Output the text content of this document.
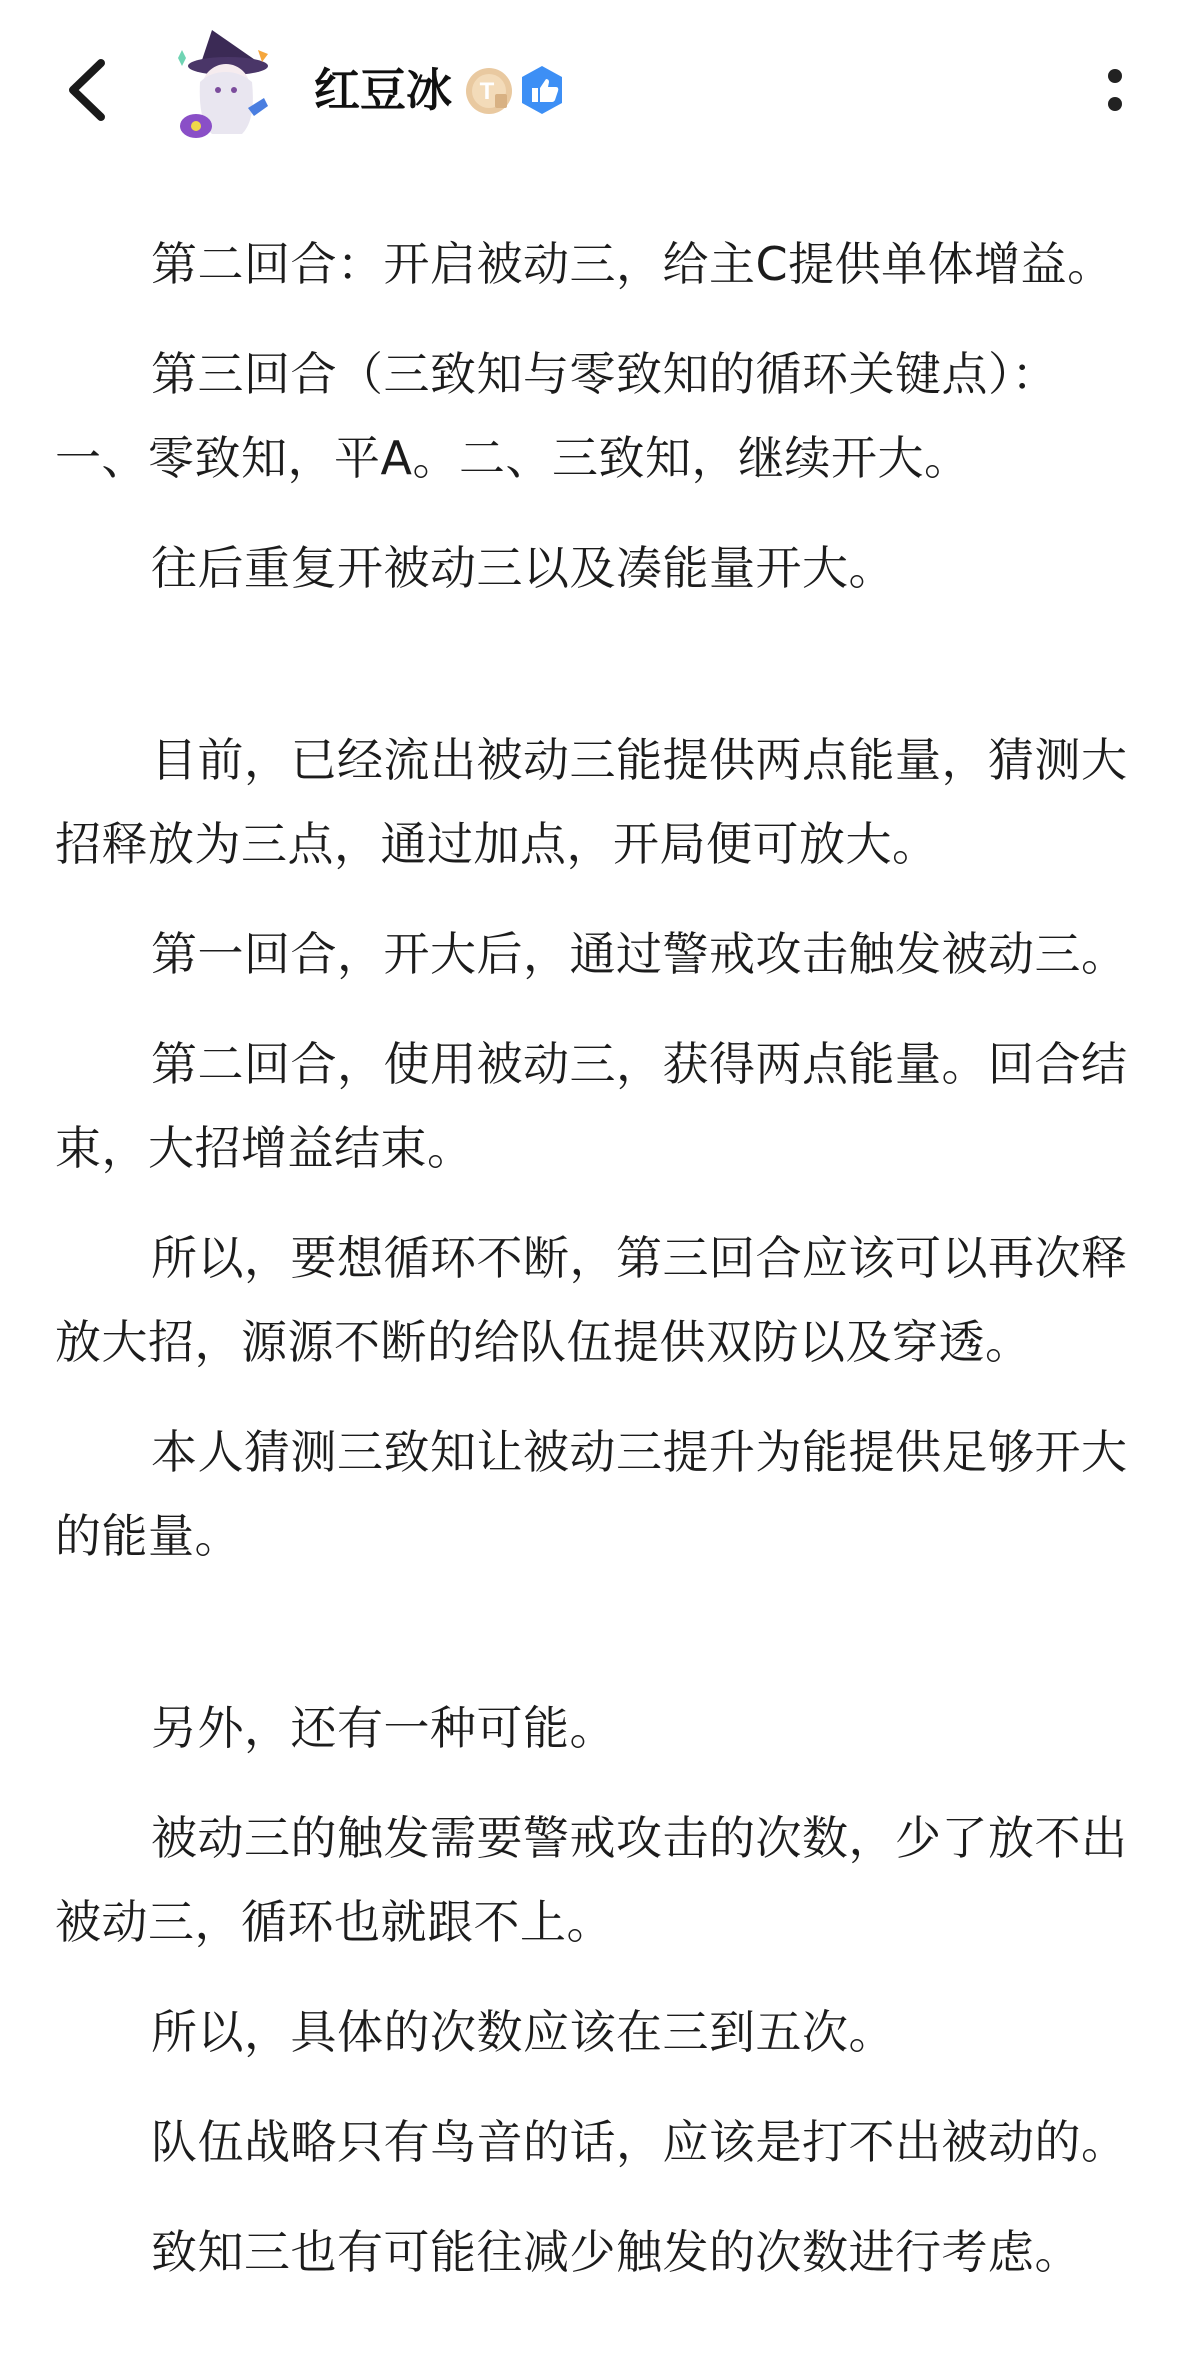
红豆冰 T

第二回合：开启被动三，给主C提供单体增益。

第三回合（三致知与零致知的循环关键点）：一、零致知，平A。二、三致知，继续开大。

往后重复开被动三以及凑能量开大。

目前，已经流出被动三能提供两点能量，猜测大招释放为三点，通过加点，开局便可放大。

第一回合，开大后，通过警戒攻击触发被动三。

第二回合，使用被动三，获得两点能量。回合结束，大招增益结束。

所以，要想循环不断，第三回合应该可以再次释放大招，源源不断的给队伍提供双防以及穿透。

本人猜测三致知让被动三提升为能提供足够开大的能量。

另外，还有一种可能。

被动三的触发需要警戒攻击的次数，少了放不出被动三，循环也就跟不上。

所以，具体的次数应该在三到五次。

队伍战略只有鸟音的话，应该是打不出被动的。

致知三也有可能往减少触发的次数进行考虑。
